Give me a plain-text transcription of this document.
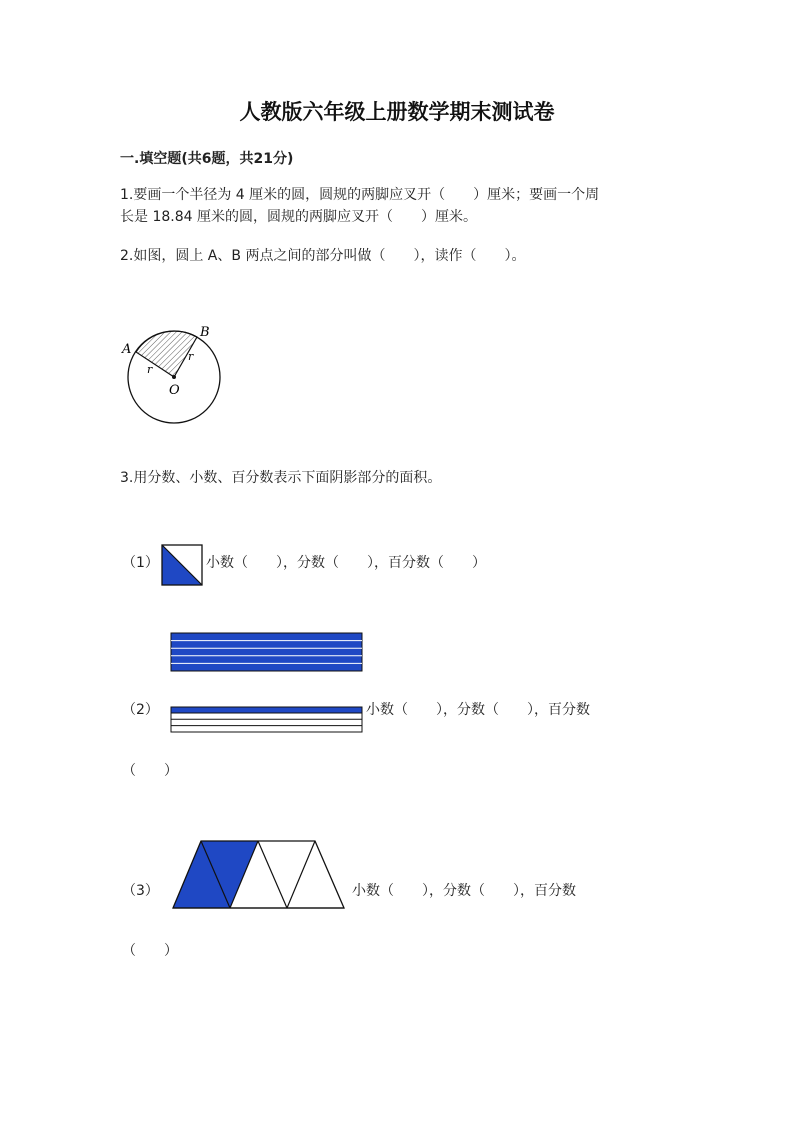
人教版六年级上册数学期末测试卷
一.填空题(共6题，共21分)
1.要画一个半径为 4 厘米的圆，圆规的两脚应叉开（　　）厘米；要画一个周
长是 18.84 厘米的圆，圆规的两脚应叉开（　　）厘米。
2.如图，圆上 A、B 两点之间的部分叫做（　　），读作（　　）。
A
B
O
r
r
3.用分数、小数、百分数表示下面阴影部分的面积。
（1）	小数（　　），分数（　　），百分数（　　）
（2）	小数（　　），分数（　　），百分数
（　　）
（3）	小数（　　），分数（　　），百分数
（　　）
